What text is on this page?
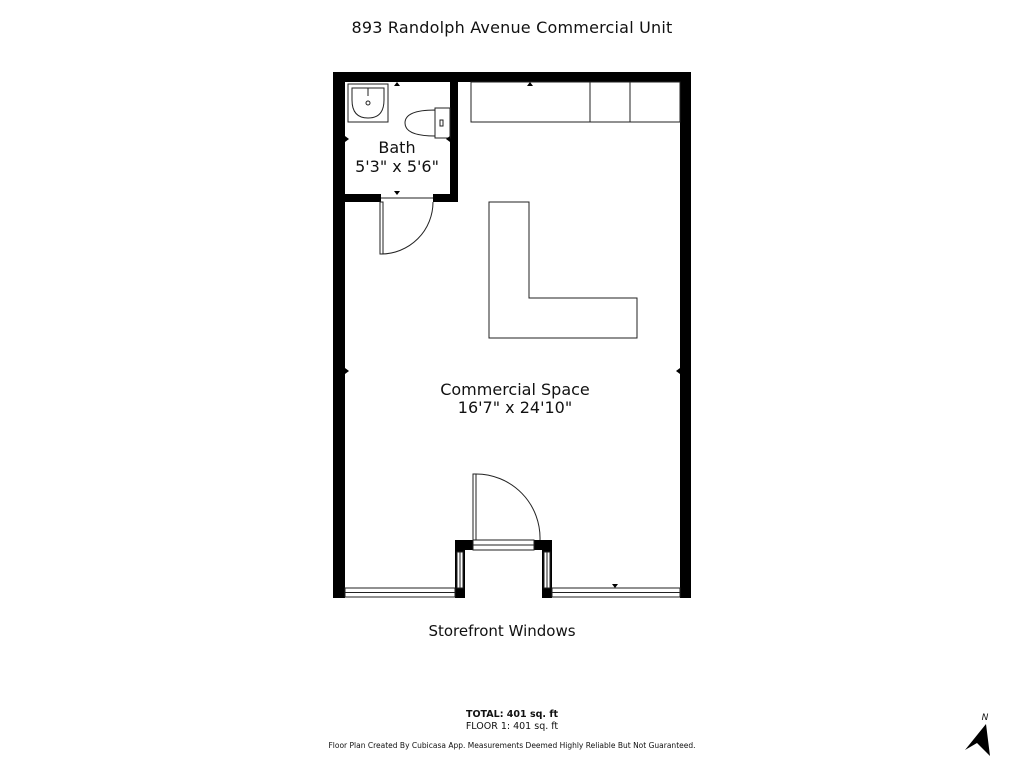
893 Randolph Avenue Commercial Unit
Bath
5'3" x 5'6"
Commercial Space
16'7" x 24'10"
Storefront Windows
N
TOTAL: 401 sq. ft
FLOOR 1: 401 sq. ft
Floor Plan Created By Cubicasa App. Measurements Deemed Highly Reliable But Not Guaranteed.
